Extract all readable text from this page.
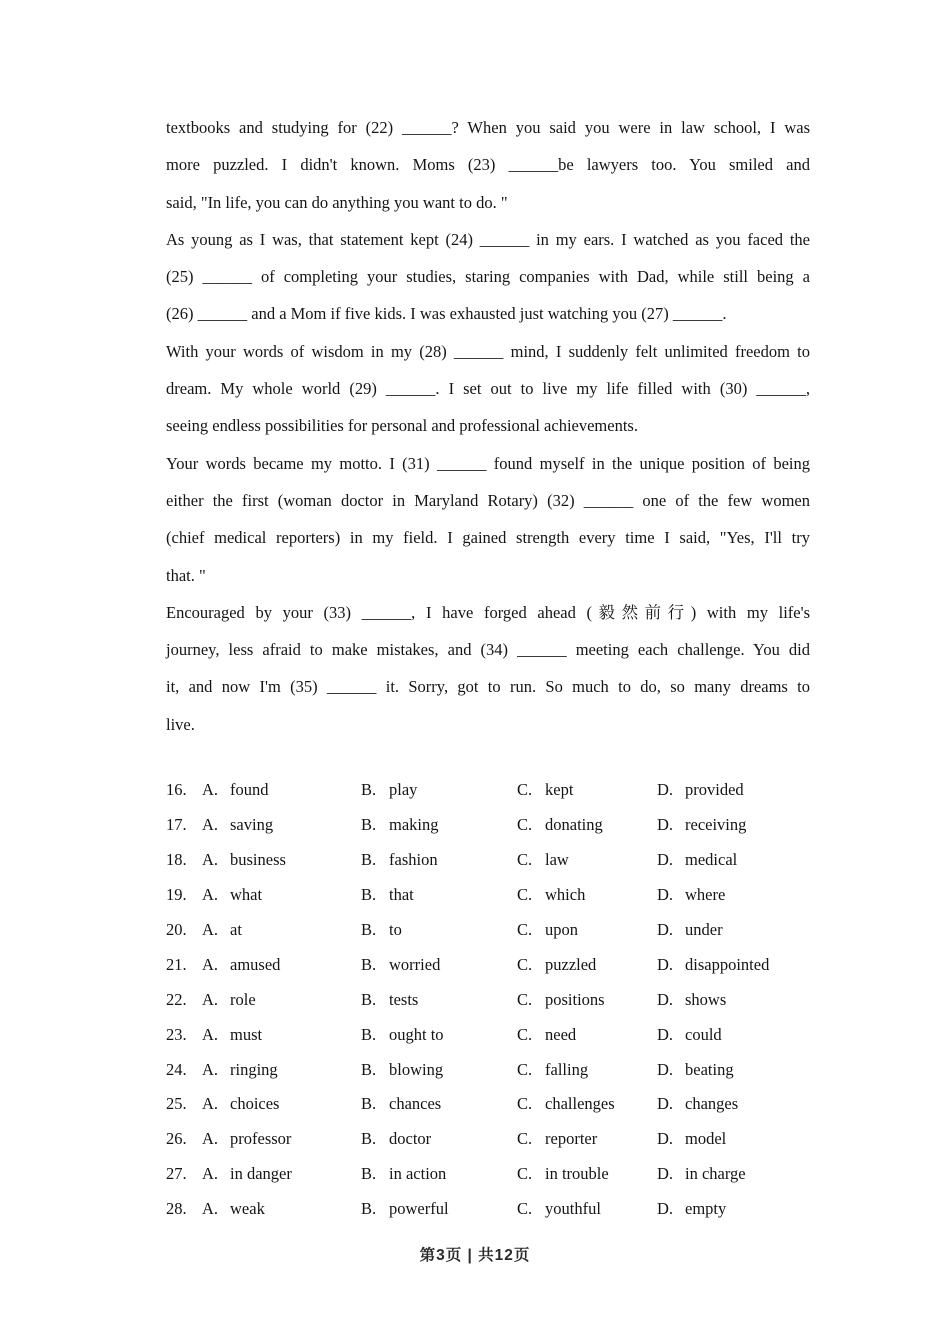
textbooks and studying for (22) ______? When you said you were in law school, I was
more puzzled. I didn't known. Moms (23) ______be lawyers too. You smiled and
said, "In life, you can do anything you want to do. "
As young as I was, that statement kept (24) ______ in my ears. I watched as you faced the
(25) ______ of completing your studies, staring companies with Dad, while still being a
(26) ______ and a Mom if five kids. I was exhausted just watching you (27) ______.
With your words of wisdom in my (28) ______ mind, I suddenly felt unlimited freedom to
dream. My whole world (29) ______. I set out to live my life filled with (30) ______,
seeing endless possibilities for personal and professional achievements.
Your words became my motto. I (31) ______ found myself in the unique position of being
either the first (woman doctor in Maryland Rotary) (32) ______ one of the few women
(chief medical reporters) in my field. I gained strength every time I said, "Yes, I'll try
that. "
Encouraged by your (33) ______, I have forged ahead (毅然前行) with my life's
journey, less afraid to make mistakes, and (34) ______ meeting each challenge. You did
it, and now I'm (35) ______ it. Sorry, got to run. So much to do, so many dreams to
live.
16. A. found	B. play	C. kept	D. provided
17. A. saving	B. making	C. donating	D. receiving
18. A. business	B. fashion	C. law	D. medical
19. A. what	B. that	C. which	D. where
20. A. at	B. to	C. upon	D. under
21. A. amused	B. worried	C. puzzled	D. disappointed
22. A. role	B. tests	C. positions	D. shows
23. A. must	B. ought to	C. need	D. could
24. A. ringing	B. blowing	C. falling	D. beating
25. A. choices	B. chances	C. challenges	D. changes
26. A. professor	B. doctor	C. reporter	D. model
27. A. in danger	B. in action	C. in trouble	D. in charge
28. A. weak	B. powerful	C. youthful	D. empty
第3页 | 共12页
